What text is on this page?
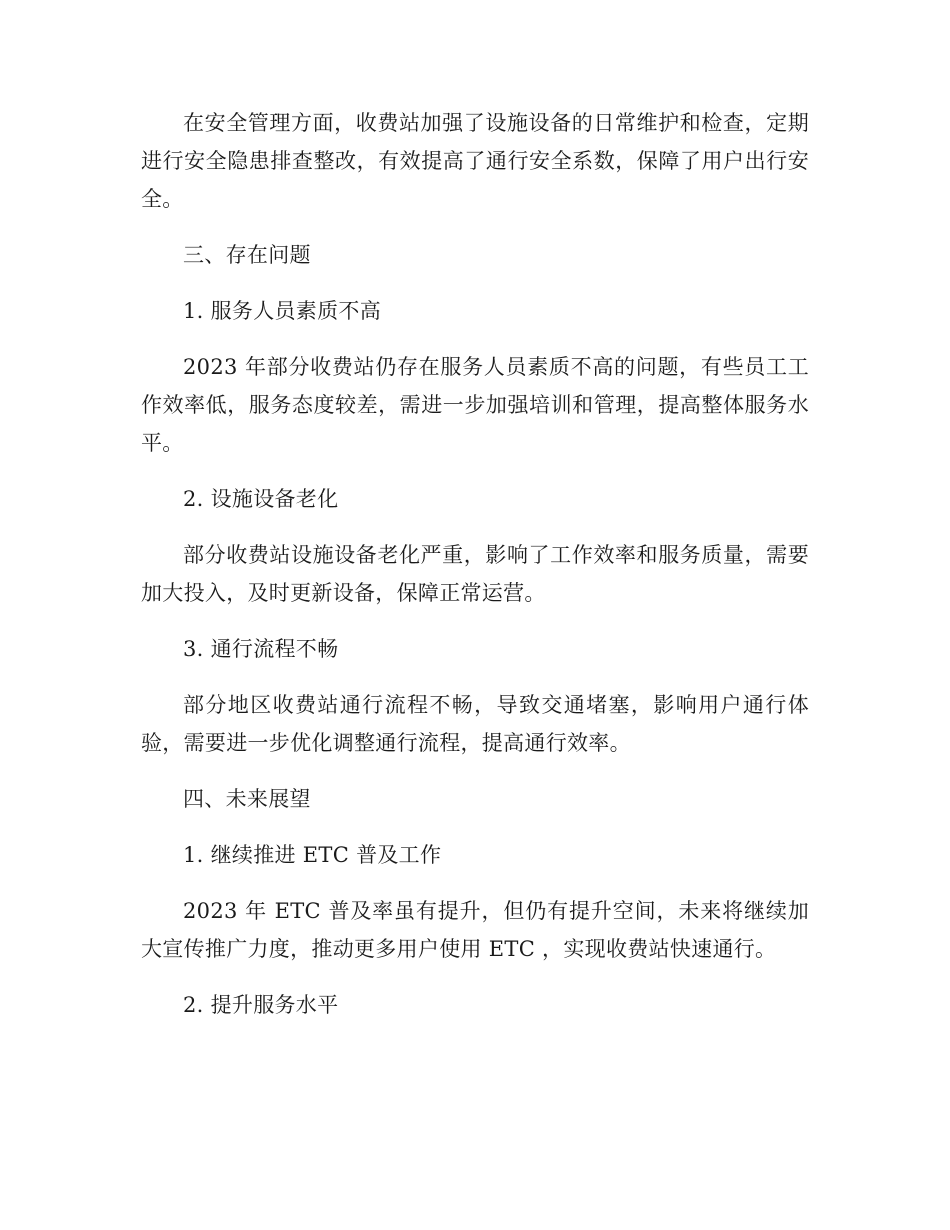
在安全管理方面，收费站加强了设施设备的日常维护和检查，定期进行安全隐患排查整改，有效提高了通行安全系数，保障了用户出行安全。

三、存在问题

1. 服务人员素质不高

2023 年部分收费站仍存在服务人员素质不高的问题，有些员工工作效率低，服务态度较差，需进一步加强培训和管理，提高整体服务水平。

2. 设施设备老化

部分收费站设施设备老化严重，影响了工作效率和服务质量，需要加大投入，及时更新设备，保障正常运营。

3. 通行流程不畅

部分地区收费站通行流程不畅，导致交通堵塞，影响用户通行体验，需要进一步优化调整通行流程，提高通行效率。

四、未来展望

1. 继续推进 ETC 普及工作

2023 年 ETC 普及率虽有提升，但仍有提升空间，未来将继续加大宣传推广力度，推动更多用户使用 ETC ，实现收费站快速通行。

2. 提升服务水平
